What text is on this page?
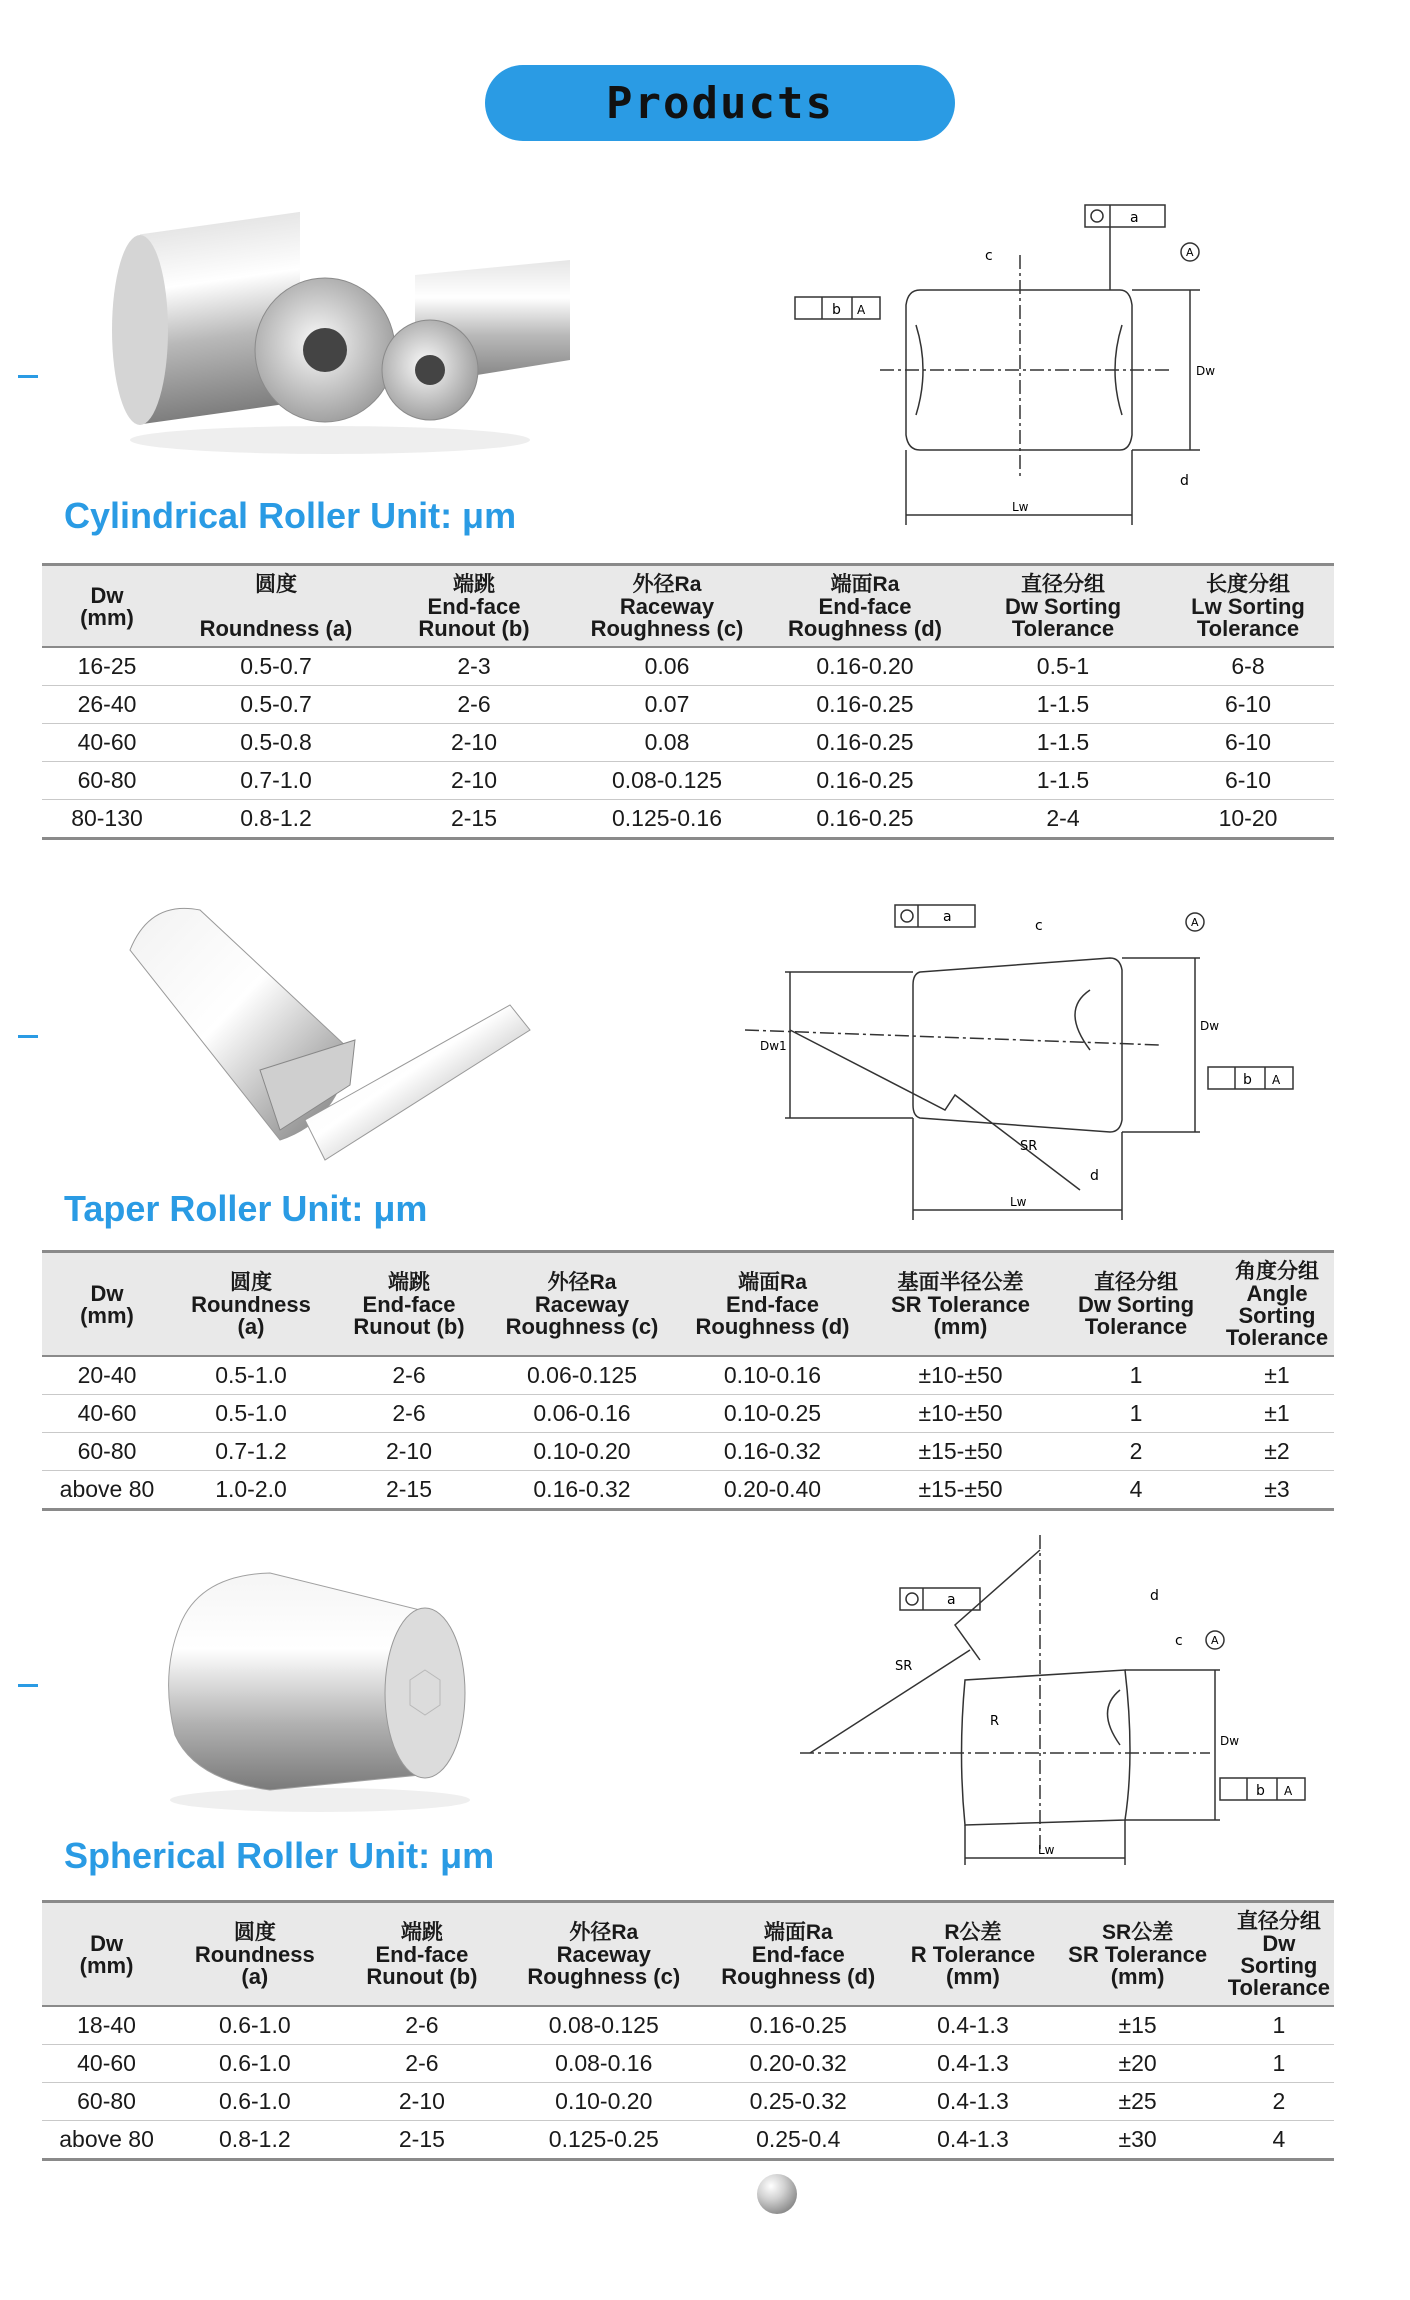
Products
b A
a
A
c
d
Dw
Lw
Cylindrical Roller Unit: μm
Dw
(mm)	圆度

Roundness (a)	端跳
End-face
Runout (b)	外径Ra
Raceway
Roughness (c)	端面Ra
End-face
Roughness (d)	直径分组
Dw Sorting
Tolerance	长度分组
Lw Sorting
Tolerance
16-25	0.5-0.7	2-3	0.06	0.16-0.20	0.5-1	6-8
26-40	0.5-0.7	2-6	0.07	0.16-0.25	1-1.5	6-10
40-60	0.5-0.8	2-10	0.08	0.16-0.25	1-1.5	6-10
60-80	0.7-1.0	2-10	0.08-0.125	0.16-0.25	1-1.5	6-10
80-130	0.8-1.2	2-15	0.125-0.16	0.16-0.25	2-4	10-20
a
b A
A
c
d
Dw
Dw1
Lw
SR
Taper Roller Unit: μm
Dw
(mm)	圆度
Roundness
(a)	端跳
End-face
Runout (b)	外径Ra
Raceway
Roughness (c)	端面Ra
End-face
Roughness (d)	基面半径公差
SR Tolerance
(mm)	直径分组
Dw Sorting
Tolerance	角度分组
Angle Sorting
Tolerance
20-40	0.5-1.0	2-6	0.06-0.125	0.10-0.16	±10-±50	1	±1
40-60	0.5-1.0	2-6	0.06-0.16	0.10-0.25	±10-±50	1	±1
60-80	0.7-1.2	2-10	0.10-0.20	0.16-0.32	±15-±50	2	±2
above 80	1.0-2.0	2-15	0.16-0.32	0.20-0.40	±15-±50	4	±3
a
b A
A
c
d
Dw
Lw
SR
R
Spherical Roller Unit: μm
Dw
(mm)	圆度
Roundness
(a)	端跳
End-face
Runout (b)	外径Ra
Raceway
Roughness (c)	端面Ra
End-face
Roughness (d)	R公差
R Tolerance
(mm)	SR公差
SR Tolerance
(mm)	直径分组
Dw Sorting
Tolerance
18-40	0.6-1.0	2-6	0.08-0.125	0.16-0.25	0.4-1.3	±15	1
40-60	0.6-1.0	2-6	0.08-0.16	0.20-0.32	0.4-1.3	±20	1
60-80	0.6-1.0	2-10	0.10-0.20	0.25-0.32	0.4-1.3	±25	2
above 80	0.8-1.2	2-15	0.125-0.25	0.25-0.4	0.4-1.3	±30	4
